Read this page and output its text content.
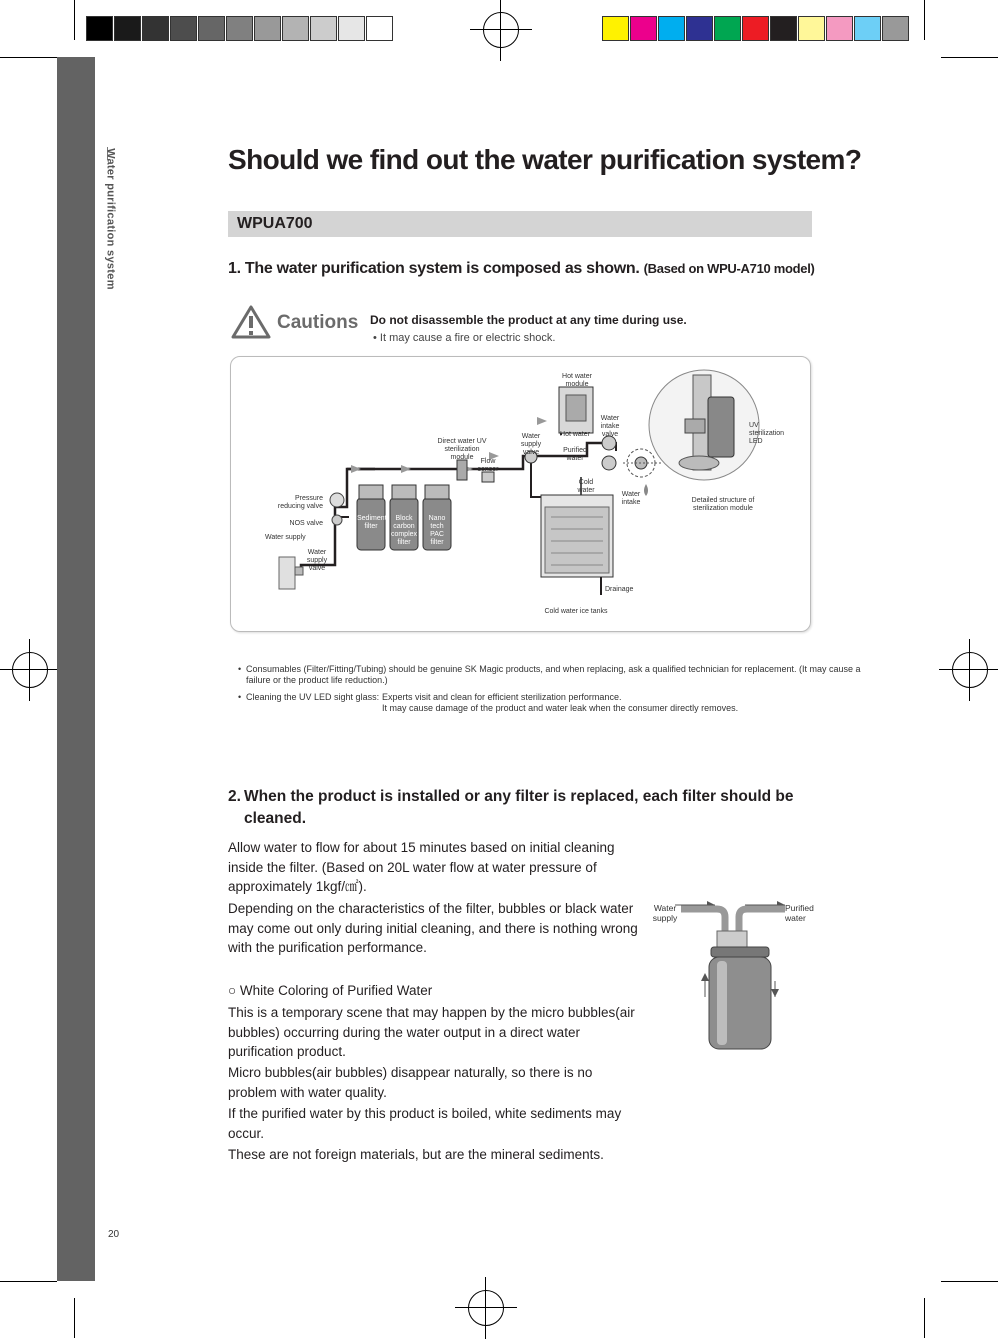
Water purification system	Should we find out the water purification system?
WPUA700
1. The water purification system is composed as shown. (Based on WPU-A710 model)
Cautions Do not disassemble the product at any time during use.
• It may cause a fire or electric shock.
Hot water module
Water intake valve
Direct water UV sterilization module
Water supply valve
Hot water
Flow sensor
Purified water
Cold water
Water intake
Pressure reducing valve
NOS valve
Water supply
Water supply valve
Sediment filter
Block carbon complex filter
Nano tech PAC filter
Drainage
Cold water ice tanks
UV sterilization LED
Detailed structure of sterilization module
• Consumables (Filter/Fitting/Tubing) should be genuine SK Magic products, and when replacing, ask a qualified technician for replacement. (It may cause a failure or the product life reduction.)
• Cleaning the UV LED sight glass: Experts visit and clean for efficient sterilization performance.
It may cause damage of the product and water leak when the consumer directly removes.
2. When the product is installed or any filter is replaced, each filter should be cleaned.
Allow water to flow for about 15 minutes based on initial cleaning inside the filter. (Based on 20L water flow at water pressure of approximately 1kgf/㎠).
Depending on the characteristics of the filter, bubbles or black water may come out only during initial cleaning, and there is nothing wrong with the purification performance.
○ White Coloring of Purified Water
This is a temporary scene that may happen by the micro bubbles(air bubbles) occurring during the water output in a direct water purification product.
Micro bubbles(air bubbles) disappear naturally, so there is no problem with water quality.
If the purified water by this product is boiled, white sediments may occur.
These are not foreign materials, but are the mineral sediments.
Water supply
Purified water
20
